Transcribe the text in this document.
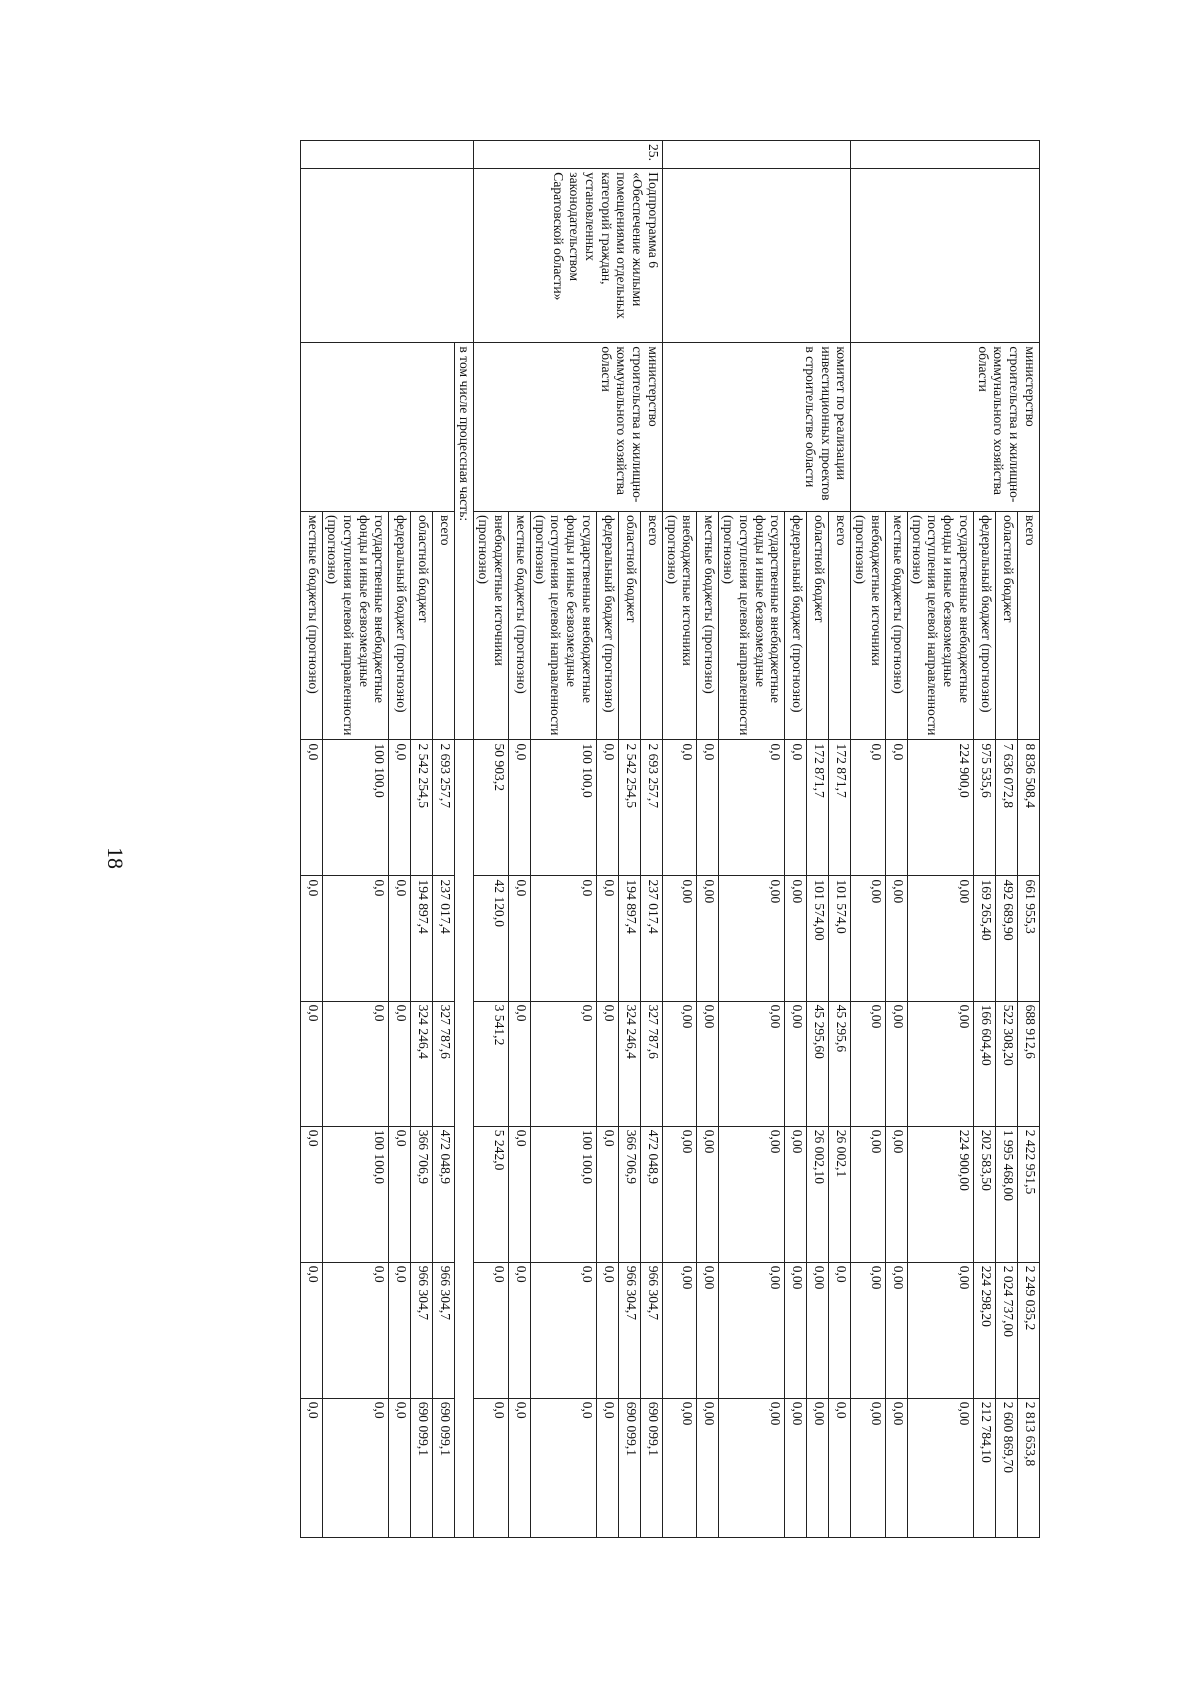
18
		министерство строительства и жилищно-коммунального хозяйства области	всего	8 836 508,4	661 955,3	688 912,6	2 422 951,5	2 249 035,2	2 813 653,8
			областной бюджет	7 636 072,8	492 689,90	522 308,20	1 995 468,00	2 024 737,00	2 600 869,70
			федеральный бюджет (прогнозно)	975 535,6	169 265,40	166 604,40	202 583,50	224 298,20	212 784,10
			государственные внебюджетные фонды и иные безвозмездные поступления целевой направленности (прогнозно)	224 900,0	0,00	0,00	224 900,00	0,00	0,00
			местные бюджеты (прогнозно)	0,0	0,00	0,00	0,00	0,00	0,00
			внебюджетные источники (прогнозно)	0,0	0,00	0,00	0,00	0,00	0,00
		комитет по реализации инвестиционных проектов в строительстве области	всего	172 871,7	101 574,0	45 295,6	26 002,1	0,0	0,0
			областной бюджет	172 871,7	101 574,00	45 295,60	26 002,10	0,00	0,00
			федеральный бюджет (прогнозно)	0,0	0,00	0,00	0,00	0,00	0,00
			государственные внебюджетные фонды и иные безвозмездные поступления целевой направленности (прогнозно)	0,0	0,00	0,00	0,00	0,00	0,00
			местные бюджеты (прогнозно)	0,0	0,00	0,00	0,00	0,00	0,00
			внебюджетные источники (прогнозно)	0,0	0,00	0,00	0,00	0,00	0,00
25.	Подпрограмма 6 «Обеспечение жилыми помещениями отдельных категорий граждан, установленных законодательством Саратовской области»	министерство строительства и жилищно-коммунального хозяйства области	всего	2 693 257,7	237 017,4	327 787,6	472 048,9	966 304,7	690 099,1
			областной бюджет	2 542 254,5	194 897,4	324 246,4	366 706,9	966 304,7	690 099,1
			федеральный бюджет (прогнозно)	0,0	0,0	0,0	0,0	0,0	0,0
			государственные внебюджетные фонды и иные безвозмездные поступления целевой направленности (прогнозно)	100 100,0	0,0	0,0	100 100,0	0,0	0,0
			местные бюджеты (прогнозно)	0,0	0,0	0,0	0,0	0,0	0,0
			внебюджетные источники (прогнозно)	50 903,2	42 120,0	3 541,2	5 242,0	0,0	0,0
		в том числе процессная часть:							
			всего	2 693 257,7	237 017,4	327 787,6	472 048,9	966 304,7	690 099,1
			областной бюджет	2 542 254,5	194 897,4	324 246,4	366 706,9	966 304,7	690 099,1
			федеральный бюджет (прогнозно)	0,0	0,0	0,0	0,0	0,0	0,0
			государственные внебюджетные фонды и иные безвозмездные поступления целевой направленности (прогнозно)	100 100,0	0,0	0,0	100 100,0	0,0	0,0
			местные бюджеты (прогнозно)	0,0	0,0	0,0	0,0	0,0	0,0
